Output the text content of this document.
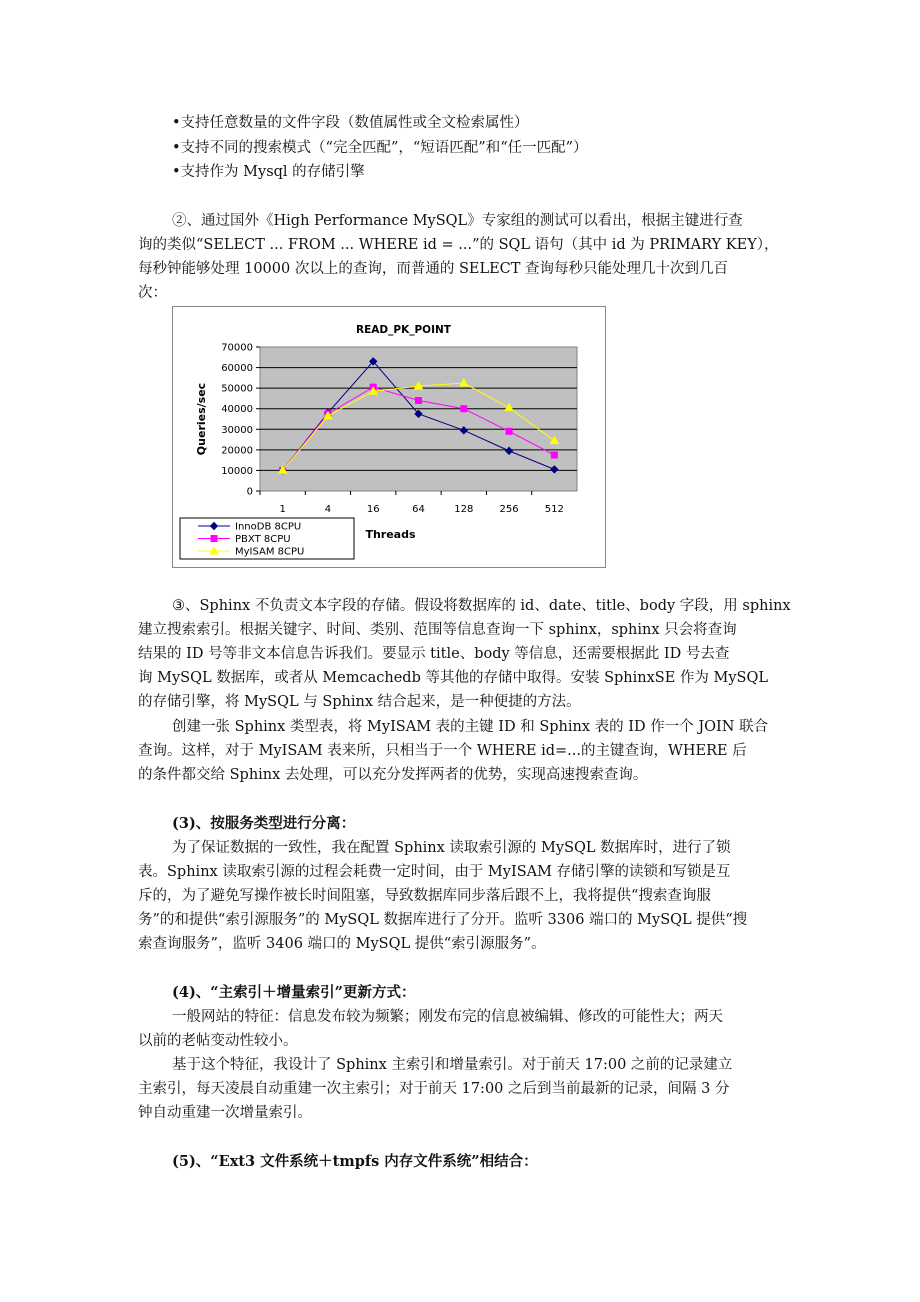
•支持任意数量的文件字段（数值属性或全文检索属性）
•支持不同的搜索模式（“完全匹配”，“短语匹配”和“任一匹配”）
•支持作为 Mysql 的存储引擎
②、通过国外《High Performance MySQL》专家组的测试可以看出，根据主键进行查
询的类似“SELECT ... FROM ... WHERE id = ...”的 SQL 语句（其中 id 为 PRIMARY KEY），
每秒钟能够处理 10000 次以上的查询，而普通的 SELECT 查询每秒只能处理几十次到几百
次：
READ_PK_POINT
0
10000
20000
30000
40000
50000
60000
70000
1	4	16	64	128	256	512
Threads
Queries/sec
InnoDB 8CPU
PBXT 8CPU
MyISAM 8CPU
③、Sphinx 不负责文本字段的存储。假设将数据库的 id、date、title、body 字段，用 sphinx
建立搜索索引。根据关键字、时间、类别、范围等信息查询一下 sphinx，sphinx 只会将查询
结果的 ID 号等非文本信息告诉我们。要显示 title、body 等信息，还需要根据此 ID 号去查
询 MySQL 数据库，或者从 Memcachedb 等其他的存储中取得。安装 SphinxSE 作为 MySQL
的存储引擎，将 MySQL 与 Sphinx 结合起来，是一种便捷的方法。
创建一张 Sphinx 类型表，将 MyISAM 表的主键 ID 和 Sphinx 表的 ID 作一个 JOIN 联合
查询。这样，对于 MyISAM 表来所，只相当于一个 WHERE id=...的主键查询，WHERE 后
的条件都交给 Sphinx 去处理，可以充分发挥两者的优势，实现高速搜索查询。
(3)、按服务类型进行分离：
为了保证数据的一致性，我在配置 Sphinx 读取索引源的 MySQL 数据库时，进行了锁
表。Sphinx 读取索引源的过程会耗费一定时间，由于 MyISAM 存储引擎的读锁和写锁是互
斥的，为了避免写操作被长时间阻塞，导致数据库同步落后跟不上，我将提供“搜索查询服
务”的和提供“索引源服务”的 MySQL 数据库进行了分开。监听 3306 端口的 MySQL 提供“搜
索查询服务”，监听 3406 端口的 MySQL 提供“索引源服务”。
(4)、“主索引＋增量索引”更新方式：
一般网站的特征：信息发布较为频繁；刚发布完的信息被编辑、修改的可能性大；两天
以前的老帖变动性较小。
基于这个特征，我设计了 Sphinx 主索引和增量索引。对于前天 17:00 之前的记录建立
主索引，每天凌晨自动重建一次主索引；对于前天 17:00 之后到当前最新的记录，间隔 3 分
钟自动重建一次增量索引。
(5)、“Ext3 文件系统＋tmpfs 内存文件系统”相结合：
